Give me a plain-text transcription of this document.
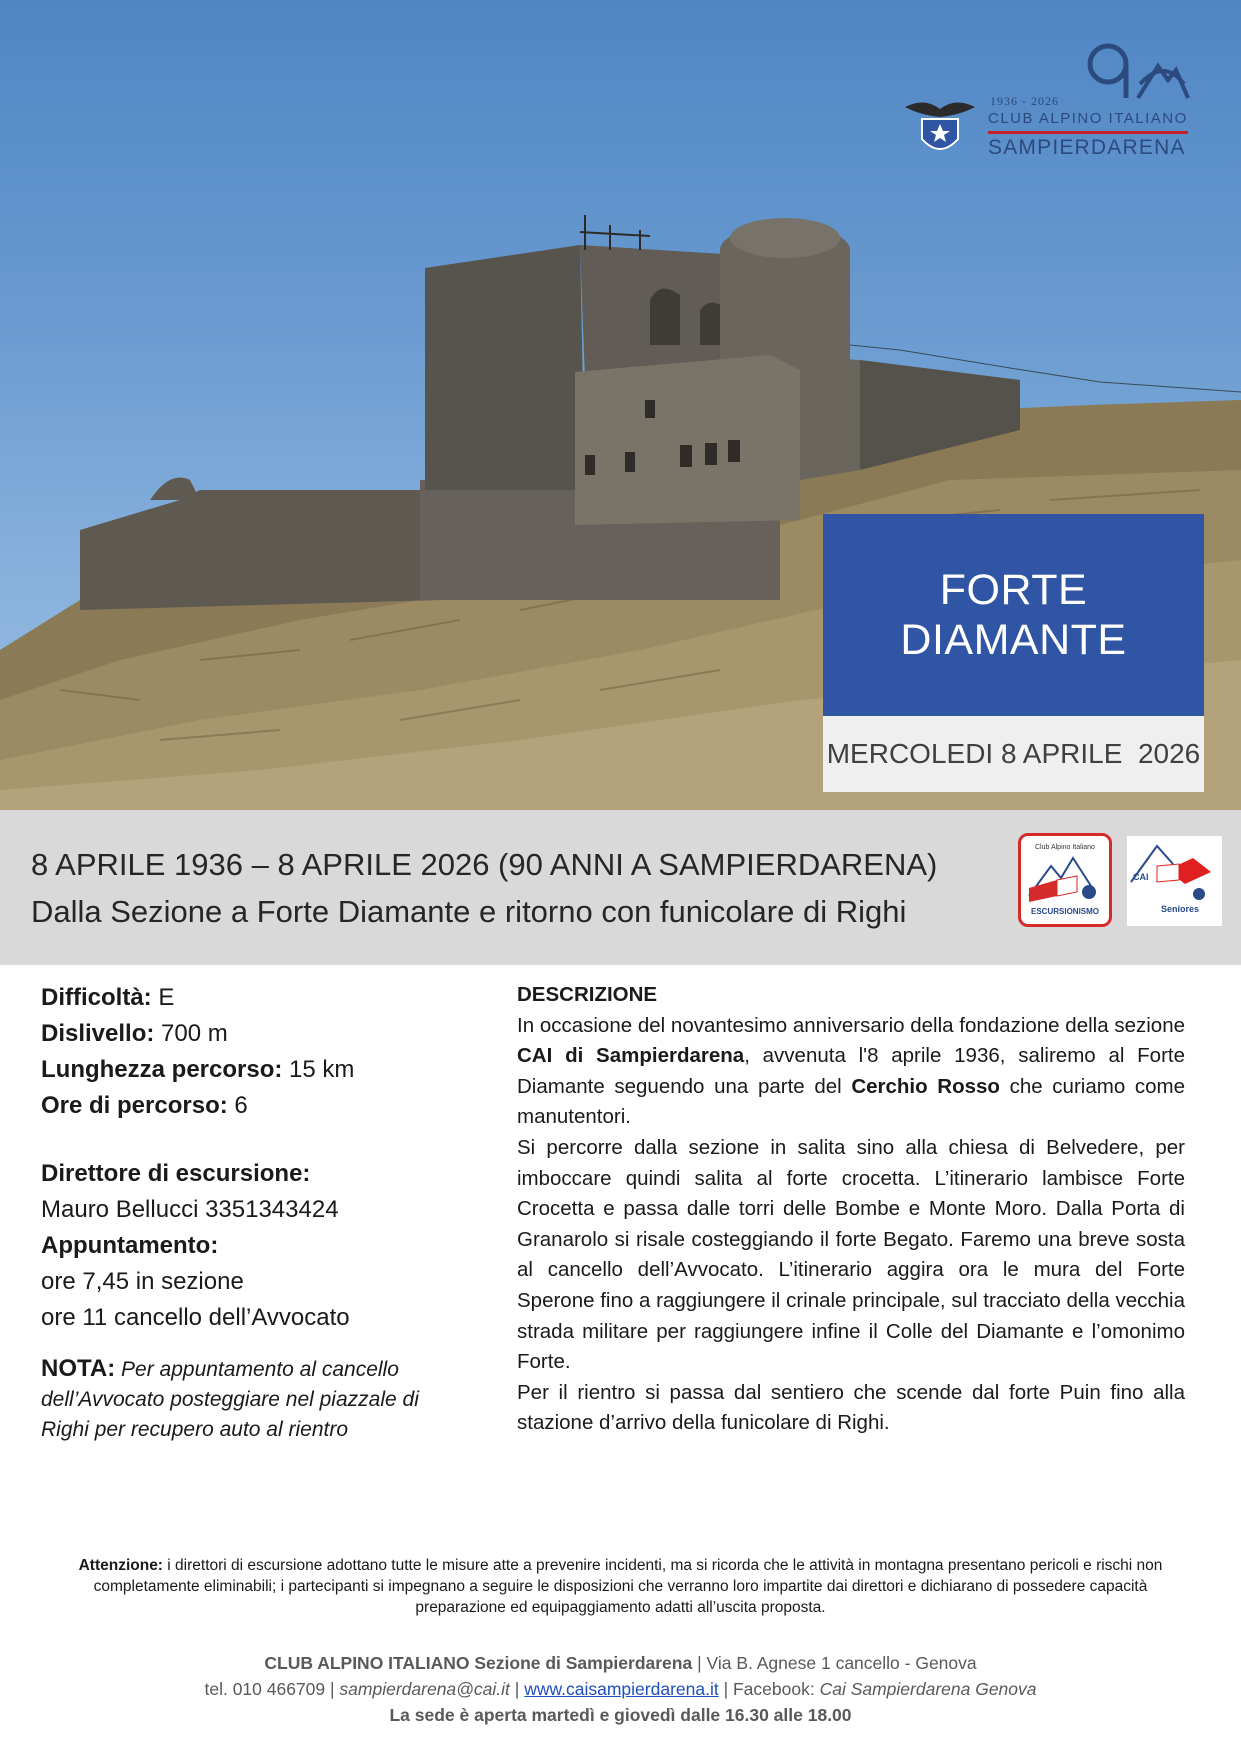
1936 - 2026
CLUB ALPINO ITALIANO
SAMPIERDARENA
FORTE
DIAMANTE
MERCOLEDI 8 APRILE  2026
8 APRILE 1936 – 8 APRILE 2026 (90 ANNI A SAMPIERDARENA)
Dalla Sezione a Forte Diamante e ritorno con funicolare di Righi
Club Alpino Italiano
ESCURSIONISMO
CAI
Seniores
Difficoltà: E
Dislivello: 700 m
Lunghezza percorso: 15 km
Ore di percorso: 6
Direttore di escursione:
Mauro Bellucci 3351343424
Appuntamento:
ore 7,45 in sezione
ore 11 cancello dell’Avvocato
NOTA: Per appuntamento al cancello dell’Avvocato posteggiare nel piazzale di Righi per recupero auto al rientro
DESCRIZIONE

In occasione del novantesimo anniversario della fondazione della sezione CAI di Sampierdarena, avvenuta l'8 aprile 1936, saliremo al Forte Diamante seguendo una parte del Cerchio Rosso che curiamo come manutentori.

Si percorre dalla sezione in salita sino alla chiesa di Belvedere, per imboccare quindi salita al forte crocetta. L’itinerario lambisce Forte Crocetta e passa dalle torri delle Bombe e Monte Moro. Dalla Porta di Granarolo si risale costeggiando il forte Begato. Faremo una breve sosta al cancello dell’Avvocato. L’itinerario aggira ora le mura del Forte Sperone fino a raggiungere il crinale principale, sul tracciato della vecchia strada militare per raggiungere infine il Colle del Diamante e l’omonimo Forte.

Per il rientro si passa dal sentiero che scende dal forte Puin fino alla stazione d’arrivo della funicolare di Righi.

Attenzione: i direttori di escursione adottano tutte le misure atte a prevenire incidenti, ma si ricorda che le attività in montagna presentano pericoli e rischi non completamente eliminabili; i partecipanti si impegnano a seguire le disposizioni che verranno loro impartite dai direttori e dichiarano di possedere capacità preparazione ed equipaggiamento adatti all’uscita proposta.
CLUB ALPINO ITALIANO Sezione di Sampierdarena | Via B. Agnese 1 cancello - Genova
tel. 010 466709 | sampierdarena@cai.it | www.caisampierdarena.it | Facebook: Cai Sampierdarena Genova
La sede è aperta martedì e giovedì dalle 16.30 alle 18.00
